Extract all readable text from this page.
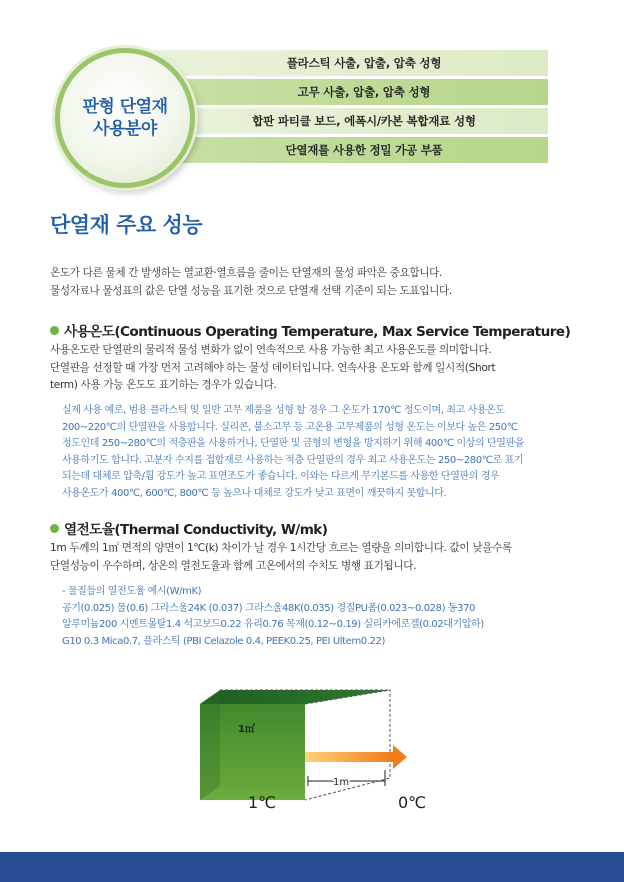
플라스틱 사출, 압출, 압축 성형
고무 사출, 압출, 압축 성형
합판 파티클 보드, 에폭시/카본 복합재료 성형
단열재를 사용한 정밀 가공 부품
판형 단열재
사용분야
단열재 주요 성능

온도가 다른 물체 간 발생하는 열교환·열흐름을 줄이는 단열재의 물성 파악은 중요합니다.

물성자료나 물성표의 값은 단열 성능을 표기한 것으로 단열재 선택 기준이 되는 도표입니다.

사용온도(Continuous Operating Temperature, Max Service Temperature)

사용온도란 단열판의 물리적 물성 변화가 없이 연속적으로 사용 가능한 최고 사용온도를 의미합니다.

단열판을 선정할 때 가장 먼저 고려해야 하는 물성 데이터입니다. 연속사용 온도와 함께 일시적(Short

term) 사용 가능 온도도 표기하는 경우가 있습니다.

실제 사용 예로, 범용 플라스틱 및 일반 고무 제품을 성형 할 경우 그 온도가 170℃ 정도이며, 최고 사용온도

200~220℃의 단열판을 사용합니다. 실리콘, 불소고무 등 고온용 고무제품의 성형 온도는 이보다 높은 250℃

정도인데 250~280℃의 적층판을 사용하거나, 단열판 및 금형의 변형을 방지하기 위해 400℃ 이상의 단열판을

사용하기도 합니다. 고분자 수지를 접합재로 사용하는 적층 단열판의 경우 최고 사용온도는 250~280℃로 표기

되는데 대체로 압축/휨 강도가 높고 표면조도가 좋습니다. 이와는 다르게 무기본드를 사용한 단열판의 경우

사용온도가 400℃, 600℃, 800℃ 등 높으나 대체로 강도가 낮고 표면이 깨끗하지 못합니다.

열전도율(Thermal Conductivity, W/mk)

1m 두께의 1㎡ 면적의 양면이 1℃(k) 차이가 날 경우 1시간당 흐르는 열량을 의미합니다. 값이 낮을수록

단열성능이 우수하며, 상온의 열전도율과 함께 고온에서의 수치도 병행 표기됩니다.

- 물질들의 열전도율 예시(W/mK)

공기(0.025) 물(0.6) 그라스울24K (0.037) 그라스울48K(0.035) 경질PU폼(0.023~0.028) 동370

알루미늄200 시멘트몰탈1.4 석고보드0.22 유리0.76 목재(0.12~0.19) 실리카에로겔(0.02대기압하)

G10 0.3 Mica0.7, 플라스틱 (PBI Celazole 0.4, PEEK0.25, PEI Ultem0.22)

1㎡
1m
1℃	0℃
